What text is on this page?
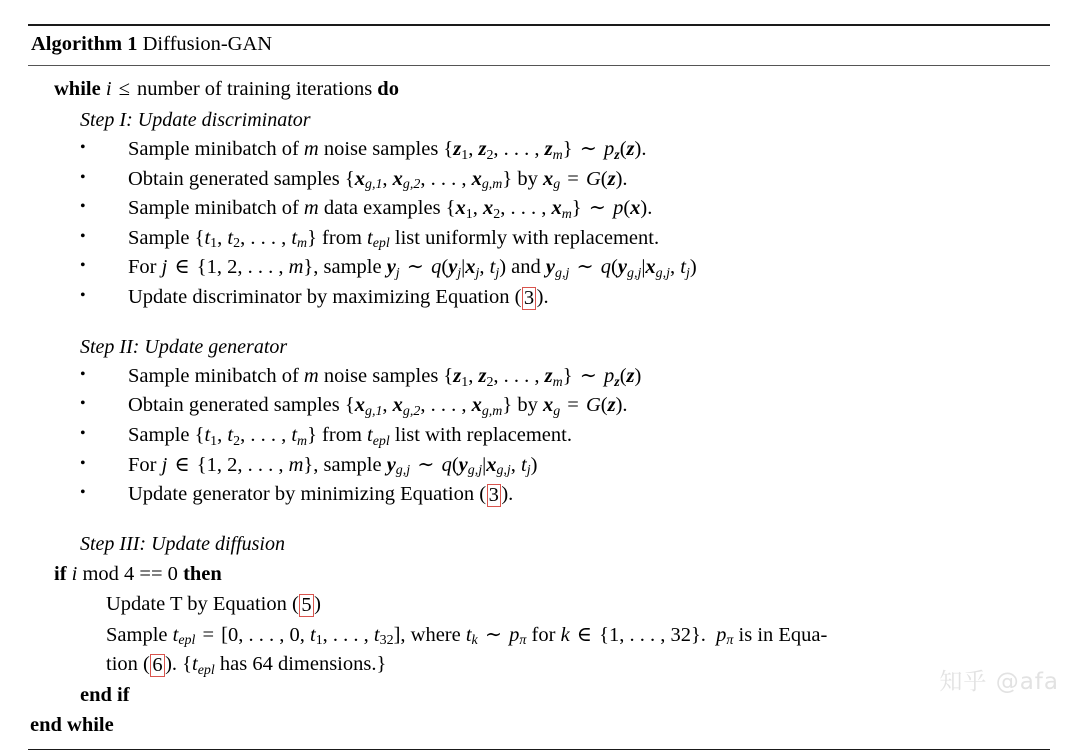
Algorithm 1 Diffusion-GAN
while i ≤ number of training iterations do
Step I: Update discriminator
•
Sample minibatch of m noise samples {$z_1$, $z_2$, . . . , $z_m$} ∼ $p_z(z)$.
•
Obtain generated samples {$x_{g,1}$, $x_{g,2}$, . . . , $x_{g,m}$} by $x_g = G(z)$.
•
Sample minibatch of m data examples {$x_1$, $x_2$, . . . , $x_m$} ∼ p(x).
•
Sample {$t_1$, $t_2$, . . . , $t_m$} from $t_{epl}$ list uniformly with replacement.
•
For j ∈ {1, 2, . . . , m}, sample $y_j$ ∼ $q(y_j|x_j$, $t_j$) and $y_{g,j}$ ∼ $q(y_{g,j}|x_{g,j}$, $t_j$)
•
Update discriminator by maximizing Equation ( 3 ).
Step II: Update generator
•
Sample minibatch of m noise samples {$z_1$, $z_2$, . . . , $z_m$} ∼ $p_z(z)$
•
Obtain generated samples {$x_{g,1}$, $x_{g,2}$, . . . , $x_{g,m}$} by $x_g = G(z)$.
•
Sample {$t_1$, $t_2$, . . . , $t_m$} from $t_{epl}$ list with replacement.
•
For j ∈ {1, 2, . . . , m}, sample $y_{g,j}$ ∼ $q(y_{g,j}|x_{g,j}$, $t_j$)
•
Update generator by minimizing Equation ( 3 ).
Step III: Update diffusion
if i mod 4 == 0 then
Update T by Equation ( 5 )
Sample $t_{epl} = [0$, . . . , 0, $t_1$, . . . , $t_{32}$], where $t_k$ ∼ $p_\pi$ for k ∈ {1, . . . , 32}.  $p_\pi$ is in Equa-
tion ( 6 ). {$t_{epl}$ has 64 dimensions.}
end if
end while
知乎 @afa
